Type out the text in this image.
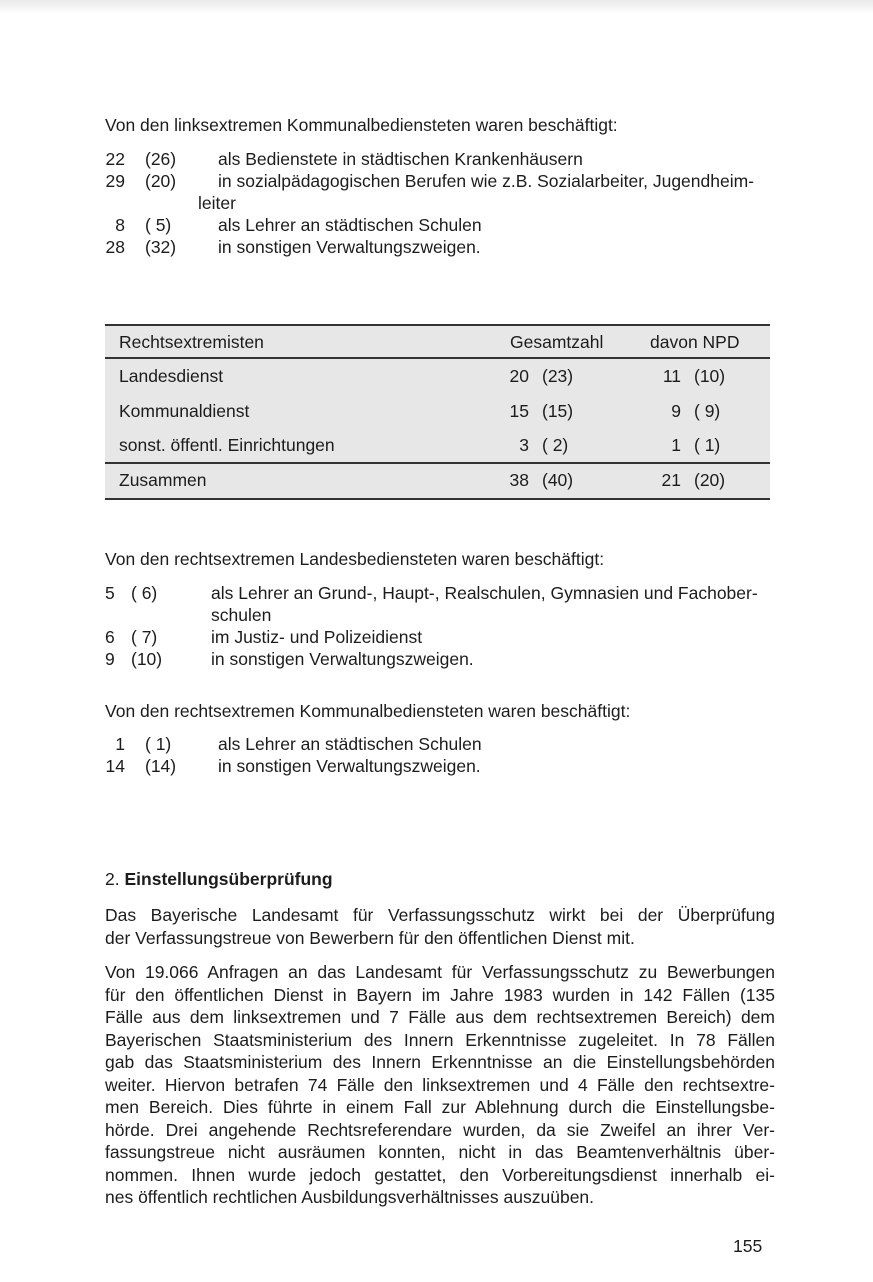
Von den linksextremen Kommunalbediensteten waren beschäftigt:
22	(26)	als Bedienstete in städtischen Krankenhäusern
29	(20)	in sozialpädagogischen Berufen wie z.B. Sozialarbeiter, Jugendheim-
leiter
8	( 5)	als Lehrer an städtischen Schulen
28	(32)	in sonstigen Verwaltungszweigen.
Rechtsextremisten	Gesamtzahl	davon NPD
Landesdienst	20 (23)	11 (10)
Kommunaldienst	15 (15)	9 ( 9)
sonst. öffentl. Einrichtungen	3 ( 2)	1 ( 1)
Zusammen	38 (40)	21 (20)
Von den rechtsextremen Landesbediensteten waren beschäftigt:
5 ( 6)	als Lehrer an Grund-, Haupt-, Realschulen, Gymnasien und Fachober-
schulen
6 ( 7)	im Justiz- und Polizeidienst
9 (10)	in sonstigen Verwaltungszweigen.
Von den rechtsextremen Kommunalbediensteten waren beschäftigt:
1	( 1)	als Lehrer an städtischen Schulen
14	(14)	in sonstigen Verwaltungszweigen.
2. Einstellungsüberprüfung
Das Bayerische Landesamt für Verfassungsschutz wirkt bei der Überprüfung
der Verfassungstreue von Bewerbern für den öffentlichen Dienst mit.
Von 19.066 Anfragen an das Landesamt für Verfassungsschutz zu Bewerbungen
für den öffentlichen Dienst in Bayern im Jahre 1983 wurden in 142 Fällen (135
Fälle aus dem linksextremen und 7 Fälle aus dem rechtsextremen Bereich) dem
Bayerischen Staatsministerium des Innern Erkenntnisse zugeleitet. In 78 Fällen
gab das Staatsministerium des Innern Erkenntnisse an die Einstellungsbehörden
weiter. Hiervon betrafen 74 Fälle den linksextremen und 4 Fälle den rechtsextre-
men Bereich. Dies führte in einem Fall zur Ablehnung durch die Einstellungsbe-
hörde. Drei angehende Rechtsreferendare wurden, da sie Zweifel an ihrer Ver-
fassungstreue nicht ausräumen konnten, nicht in das Beamtenverhältnis über-
nommen. Ihnen wurde jedoch gestattet, den Vorbereitungsdienst innerhalb ei-
nes öffentlich rechtlichen Ausbildungsverhältnisses auszuüben.
155
